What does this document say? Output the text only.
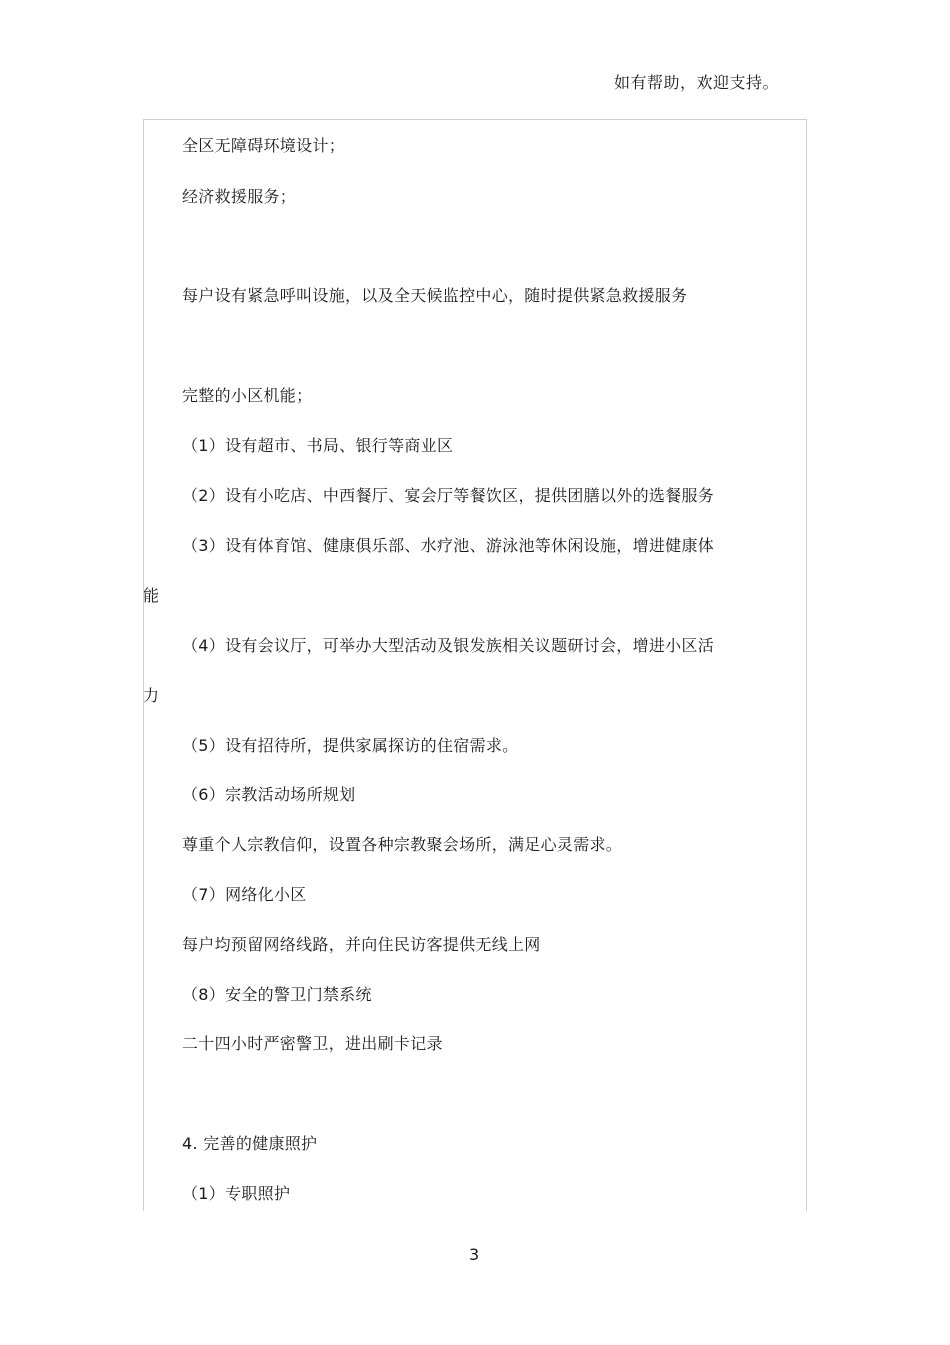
如有帮助，欢迎支持。
全区无障碍环境设计；
经济救援服务；
每户设有紧急呼叫设施，以及全天候监控中心，随时提供紧急救援服务
完整的小区机能；
（1）设有超市、书局、银行等商业区
（2）设有小吃店、中西餐厅、宴会厅等餐饮区，提供团膳以外的选餐服务
（3）设有体育馆、健康俱乐部、水疗池、游泳池等休闲设施，增进健康体
能
（4）设有会议厅，可举办大型活动及银发族相关议题研讨会，增进小区活
力
（5）设有招待所，提供家属探访的住宿需求。
（6）宗教活动场所规划
尊重个人宗教信仰，设置各种宗教聚会场所，满足心灵需求。
（7）网络化小区
每户均预留网络线路，并向住民访客提供无线上网
（8）安全的警卫门禁系统
二十四小时严密警卫，进出刷卡记录
4. 完善的健康照护
（1）专职照护
3
